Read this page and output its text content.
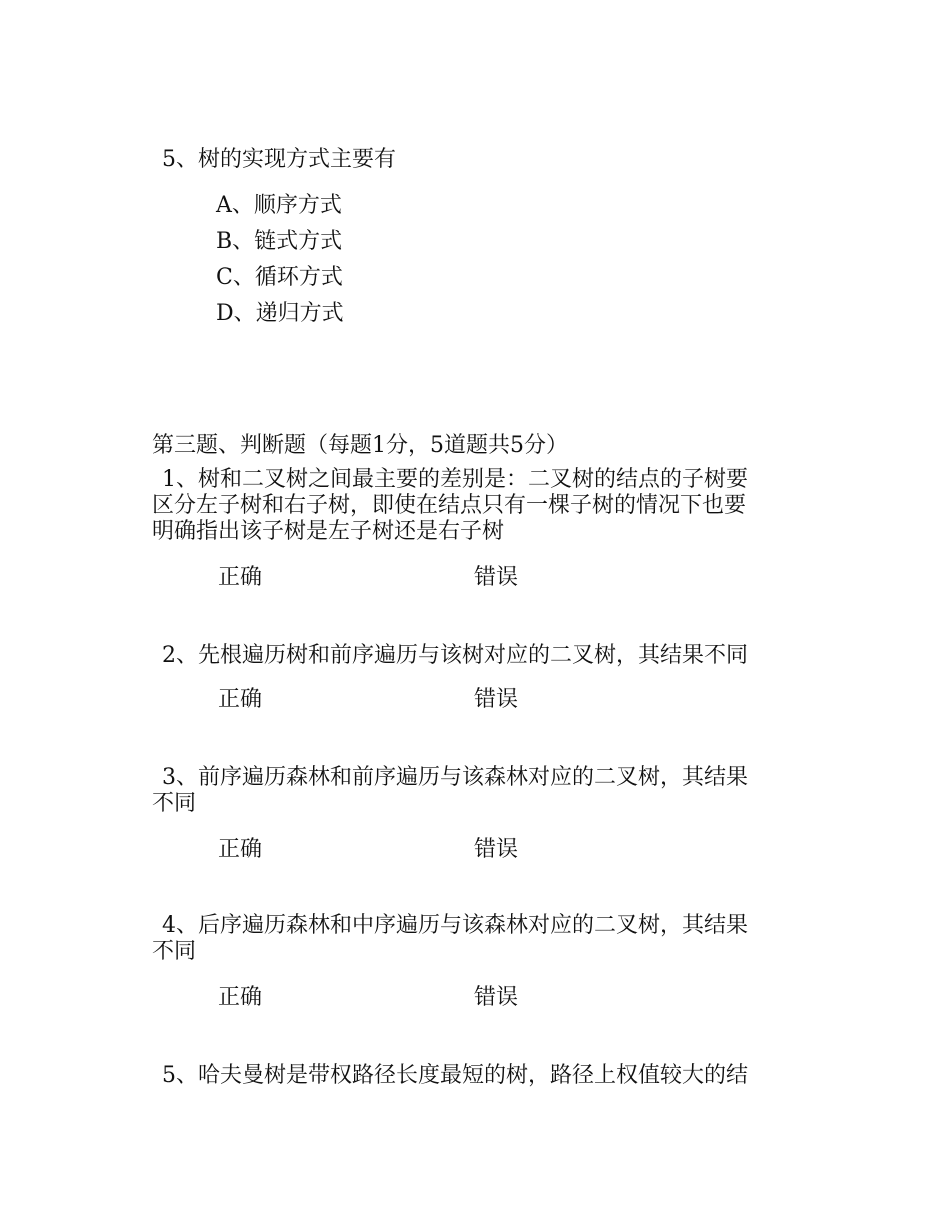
5、树的实现方式主要有
A、顺序方式
B、链式方式
C、循环方式
D、递归方式
第三题、判断题（每题1分，5道题共5分）
1、树和二叉树之间最主要的差别是：二叉树的结点的子树要
区分左子树和右子树，即使在结点只有一棵子树的情况下也要
明确指出该子树是左子树还是右子树
正确	错误
2、先根遍历树和前序遍历与该树对应的二叉树，其结果不同
正确	错误
3、前序遍历森林和前序遍历与该森林对应的二叉树，其结果
不同
正确	错误
4、后序遍历森林和中序遍历与该森林对应的二叉树，其结果
不同
正确	错误
5、哈夫曼树是带权路径长度最短的树，路径上权值较大的结
